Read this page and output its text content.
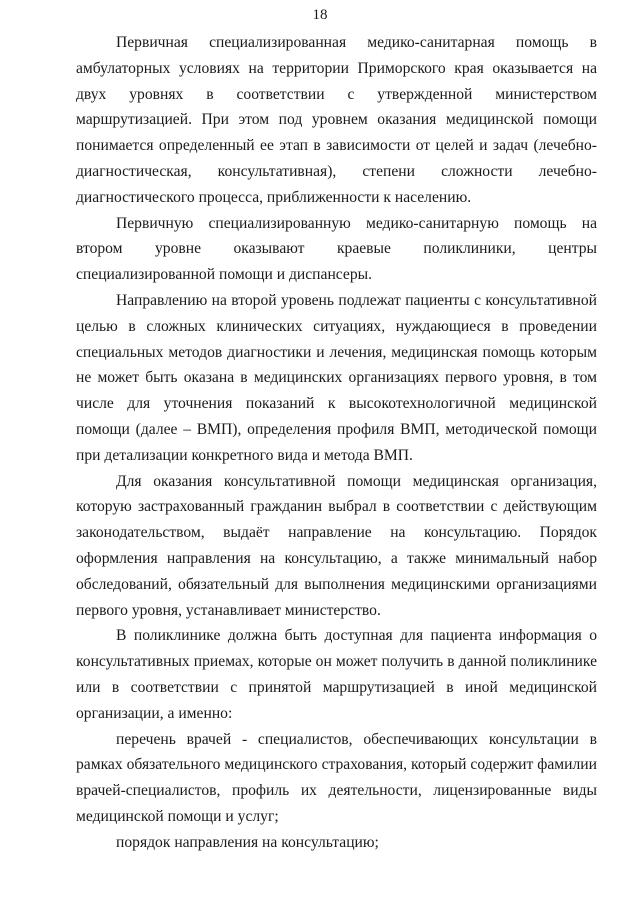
18

Первичная специализированная медико-санитарная помощь в амбулаторных условиях на территории Приморского края оказывается на двух уровнях в соответствии с утвержденной министерством маршрутизацией. При этом под уровнем оказания медицинской помощи понимается определенный ее этап в зависимости от целей и задач (лечебно-диагностическая, консультативная), степени сложности лечебно-диагностического процесса, приближенности к населению.

Первичную специализированную медико-санитарную помощь на втором уровне оказывают краевые поликлиники, центры специализированной помощи и диспансеры.

Направлению на второй уровень подлежат пациенты с консультативной целью в сложных клинических ситуациях, нуждающиеся в проведении специальных методов диагностики и лечения, медицинская помощь которым не может быть оказана в медицинских организациях первого уровня, в том числе для уточнения показаний к высокотехнологичной медицинской помощи (далее – ВМП), определения профиля ВМП, методической помощи при детализации конкретного вида и метода ВМП.

Для оказания консультативной помощи медицинская организация, которую застрахованный гражданин выбрал в соответствии с действующим законодательством, выдаёт направление на консультацию. Порядок оформления направления на консультацию, а также минимальный набор обследований, обязательный для выполнения медицинскими организациями первого уровня, устанавливает министерство.

В поликлинике должна быть доступная для пациента информация о консультативных приемах, которые он может получить в данной поликлинике или в соответствии с принятой маршрутизацией в иной медицинской организации, а именно:

перечень врачей - специалистов, обеспечивающих консультации в рамках обязательного медицинского страхования, который содержит фамилии врачей-специалистов, профиль их деятельности, лицензированные виды медицинской помощи и услуг;

порядок направления на консультацию;
